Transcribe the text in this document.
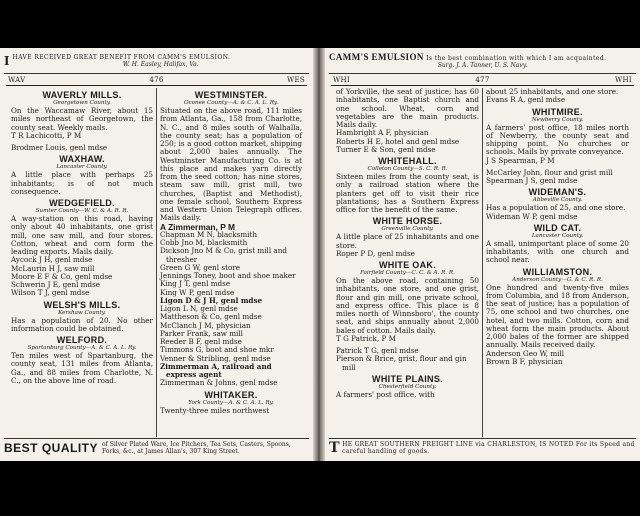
I HAVE RECEIVED GREAT BENEFIT FROM CAMM'S EMULSION.
W. H. Easley, Halifax, Va.
WAV	476	WES
WAVERLY MILLS.
Georgetown County.
On the Waccamaw River, about 15 miles northeast of Georgetown, the county seat. Weekly mails.
T R Lachicotti, P M
Brodmer Louis, genl mdse
WAXHAW.
Lancaster County.
A little place with perhaps 25 inhabitants; is of not much consequence.
WEDGEFIELD.
Sumter County—W. C. & A. R. R.
A way-station on this road, having only about 40 inhabitants, one grist mill, one saw mill, and four stores. Cotton, wheat and corn form the leading exports. Mails daily.
Aycock J H, genl mdse
McLaurin H J, saw mill
Moore E F & Co, genl mdse
Schwerin J E, genl mdse
Wilson T J, genl mdse
WELSH'S MILLS.
Kershaw County.
Has a population of 20. No other information could be obtained.
WELFORD.
Spartanburg County—A. & C. A. L. Ry.
Ten miles west of Spartanburg, the county seat, 131 miles from Atlanta, Ga., and 88 miles from Charlotte, N. C., on the above line of road.
WESTMINSTER.
Oconee County—A. & C. A. L. Ry.
Situated on the above road, 111 miles from Atlanta, Ga., 158 from Charlotte, N. C., and 8 miles south of Walhalla, the county seat; has a population of 250; is a good cotton market, shipping about 2,000 bales annually. The Westminster Manufacturing Co. is at this place and makes yarn directly from the seed cotton; has nine stores, steam saw mill, grist mill, two churches, (Baptist and Methodist), one female school, Southern Express and Western Union Telegraph offices. Mails daily.
A Zimmerman, P M
Chapman M N, blacksmith
Cobb Jno M, blacksmith
Dickson Jno M & Co, grist mill and thresher
Green G W, genl store
Jennings Toney, boot and shoe maker
King J T, genl mdse
King W P, genl mdse
Ligon D & J H, genl mdse
Ligon L N, genl mdse
Mattheson & Co, genl mdse
McClanch J M, physician
Parker Frank, saw mill
Reeder B F, genl mdse
Timmons G, boot and shoe mkr
Venner & Stribling, genl mdse
Zimmerman A, railroad and express agent
Zimmerman & Johns, genl mdse
WHITAKER.
York County—A. & C. A. L. Ry.
Twenty-three miles northwest
BEST QUALITY of Silver Plated Ware, Ice Pitchers, Tea Sets, Casters, Spoons, Forks, &c., at James Allan's, 307 King Street.
CAMM'S EMULSION Is the best combination with which I am acquainted.
Surg. J. A. Tanner, U. S. Navy.
WHI	477	WHI
of Yorkville, the seat of justice; has 60 inhabitants, one Baptist church and one school. Wheat, corn and vegetables are the main products. Mails daily.
Hambright A F, physician
Roberts H E, hotel and genl mdse
Turner E & Son, genl mdse
WHITEHALL.
Colleton County—S. C. R. R.
Sixteen miles from the county seat, is only a railroad station where the planters get off to visit their rice plantations; has a Southern Express office for the benefit of the same.
WHITE HORSE.
Greenville County.
A little place of 25 inhabitants and one store.
Roper P D, genl mdse
WHITE OAK.
Fairfield County—C. C. & A. R. R.
On the above road, containing 50 inhabitants, one store, and one grist, flour and gin mill, one private school, and express office. This place is 8 miles north of Winnsboro', the county seat, and ships annually about 2,000 bales of cotton. Mails daily.
T G Patrick, P M
Patrick T G, genl mdse
Pierson & Brice, grist, flour and gin mill
WHITE PLAINS.
Chesterfield County.
A farmers' post office, with
about 25 inhabitants, and one store.
Evans R A, genl mdse
WHITMIRE.
Newberry County.
A farmers' post office, 18 miles north of Newberry, the county seat and shipping point. No churches or schools. Mails by private conveyance.
J S Spearman, P M
McCarley John, flour and grist mill
Spearman J S, genl mdse
WIDEMAN'S.
Abbeville County.
Has a population of 25, and one store.
Wideman W P, genl mdse
WILD CAT.
Lancaster County.
A small, unimportant place of some 20 inhabitants, with one church and school near.
WILLIAMSTON.
Anderson County—G. & C. R. R.
One hundred and twenty-five miles from Columbia, and 18 from Anderson, the seat of justice; has a population of 75, one school and two churches, one hotel, and two mills. Cotton, corn and wheat form the main products. About 2,000 bales of the former are shipped annually. Mails received daily.
Anderson Geo W, mill
Brown B F, physician
T HE GREAT SOUTHERN FREIGHT LINE via CHARLESTON, IS NOTED For its Speed and careful handling of goods.
